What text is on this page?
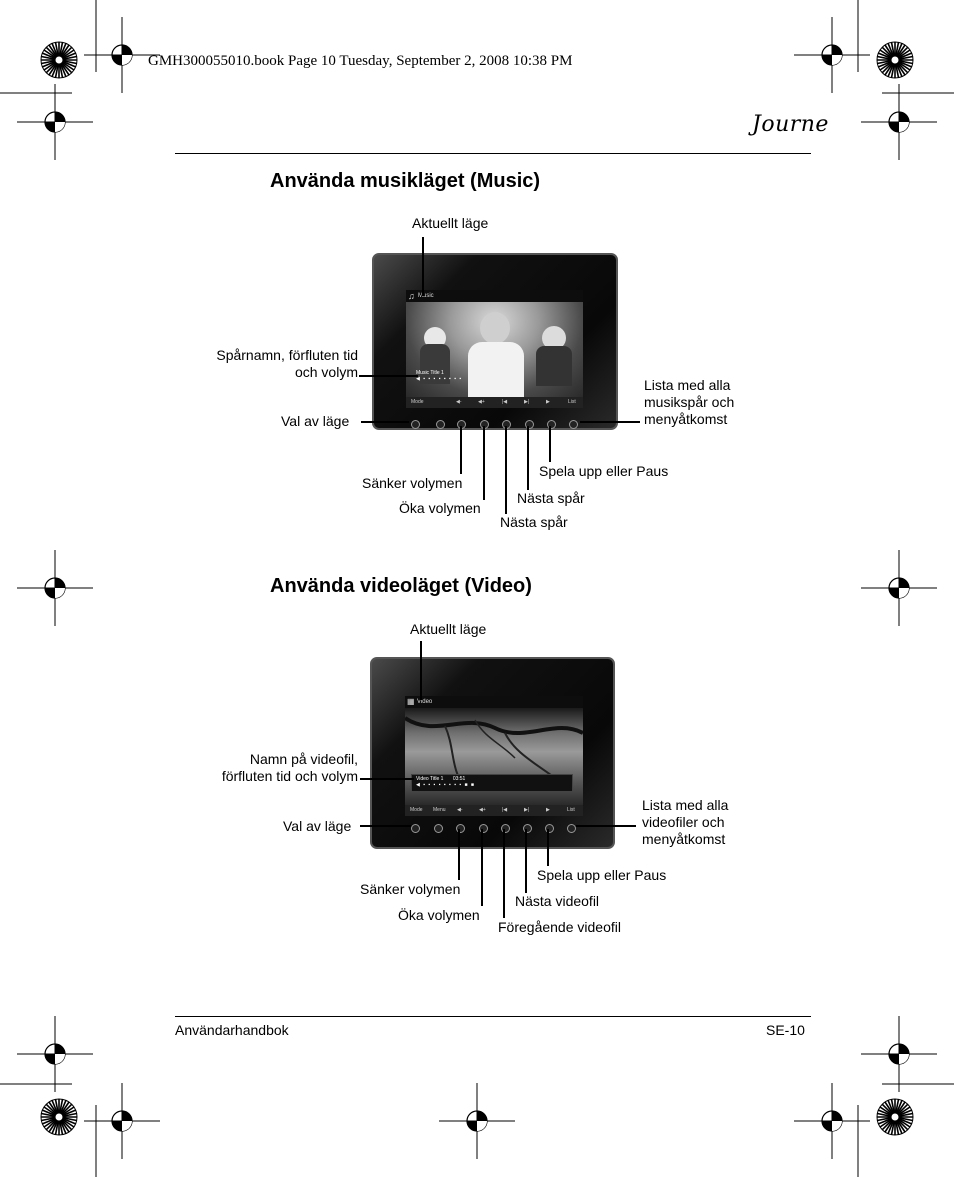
GMH300055010.book Page 10 Tuesday, September 2, 2008 10:38 PM
Journe
Använda musikläget (Music)
♫ Music
Music Title 1
◀ ▪ ▪ ▪ ▪ ▪ ▪ ▪ ▪
Mode	◀-	◀+	|◀	▶|	▶	List
Aktuellt läge
Spårnamn, förfluten tid
och volym
Val av läge
Lista med alla
musikspår och
menyåtkomst
Spela upp eller Paus
Sänker volymen
Nästa spår
Öka volymen
Nästa spår
Använda videoläget (Video)
▦ Video
Video Title 1 03:51
◀ ▪ ▪ ▪ ▪ ▪ ▪ ▪ ▪ ■ ■
Mode Menu ◀-	◀+	|◀	▶|	▶	List
Aktuellt läge
Namn på videofil,
förfluten tid och volym
Val av läge
Lista med alla
videofiler och
menyåtkomst
Spela upp eller Paus
Sänker volymen
Nästa videofil
Öka volymen
Föregående videofil
Användarhandbok	SE-10
